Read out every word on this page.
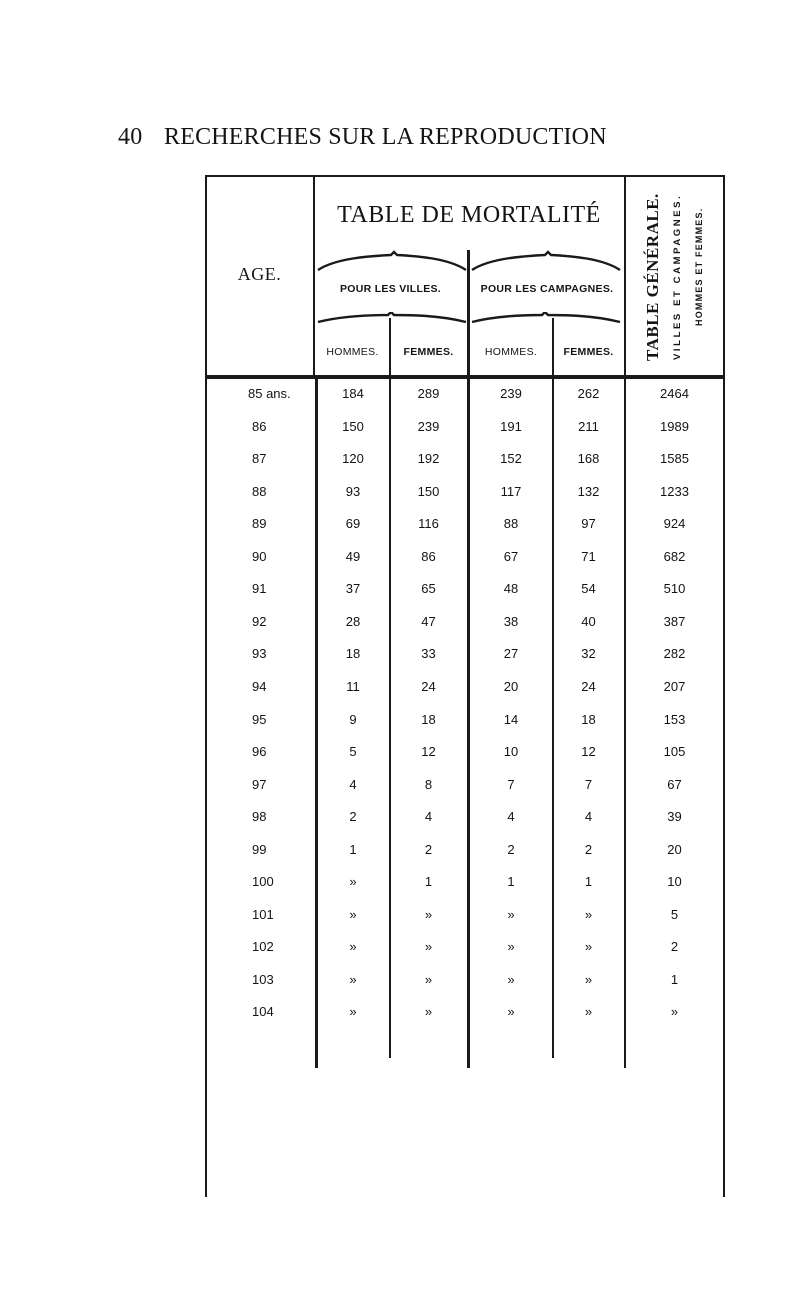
40 RECHERCHES SUR LA REPRODUCTION
AGE.
TABLE DE MORTALITÉ
POUR LES VILLES.	POUR LES CAMPAGNES.
HOMMES.	FEMMES.	HOMMES.	FEMMES.	TABLE GÉNÉRALE. VILLES ET CAMPAGNES. HOMMES ET FEMMES.
85 ans.	184	289	239	262	2464
86	150	239	191	211	1989
87	120	192	152	168	1585
88	93	150	117	132	1233
89	69	116	88	97	924
90	49	86	67	71	682
91	37	65	48	54	510
92	28	47	38	40	387
93	18	33	27	32	282
94	11	24	20	24	207
95	9	18	14	18	153
96	5	12	10	12	105
97	4	8	7	7	67
98	2	4	4	4	39
99	1	2	2	2	20
100	»	1	1	1	10
101	»	»	»	»	5
102	»	»	»	»	2
103	»	»	»	»	1
104	»	»	»	»	»
